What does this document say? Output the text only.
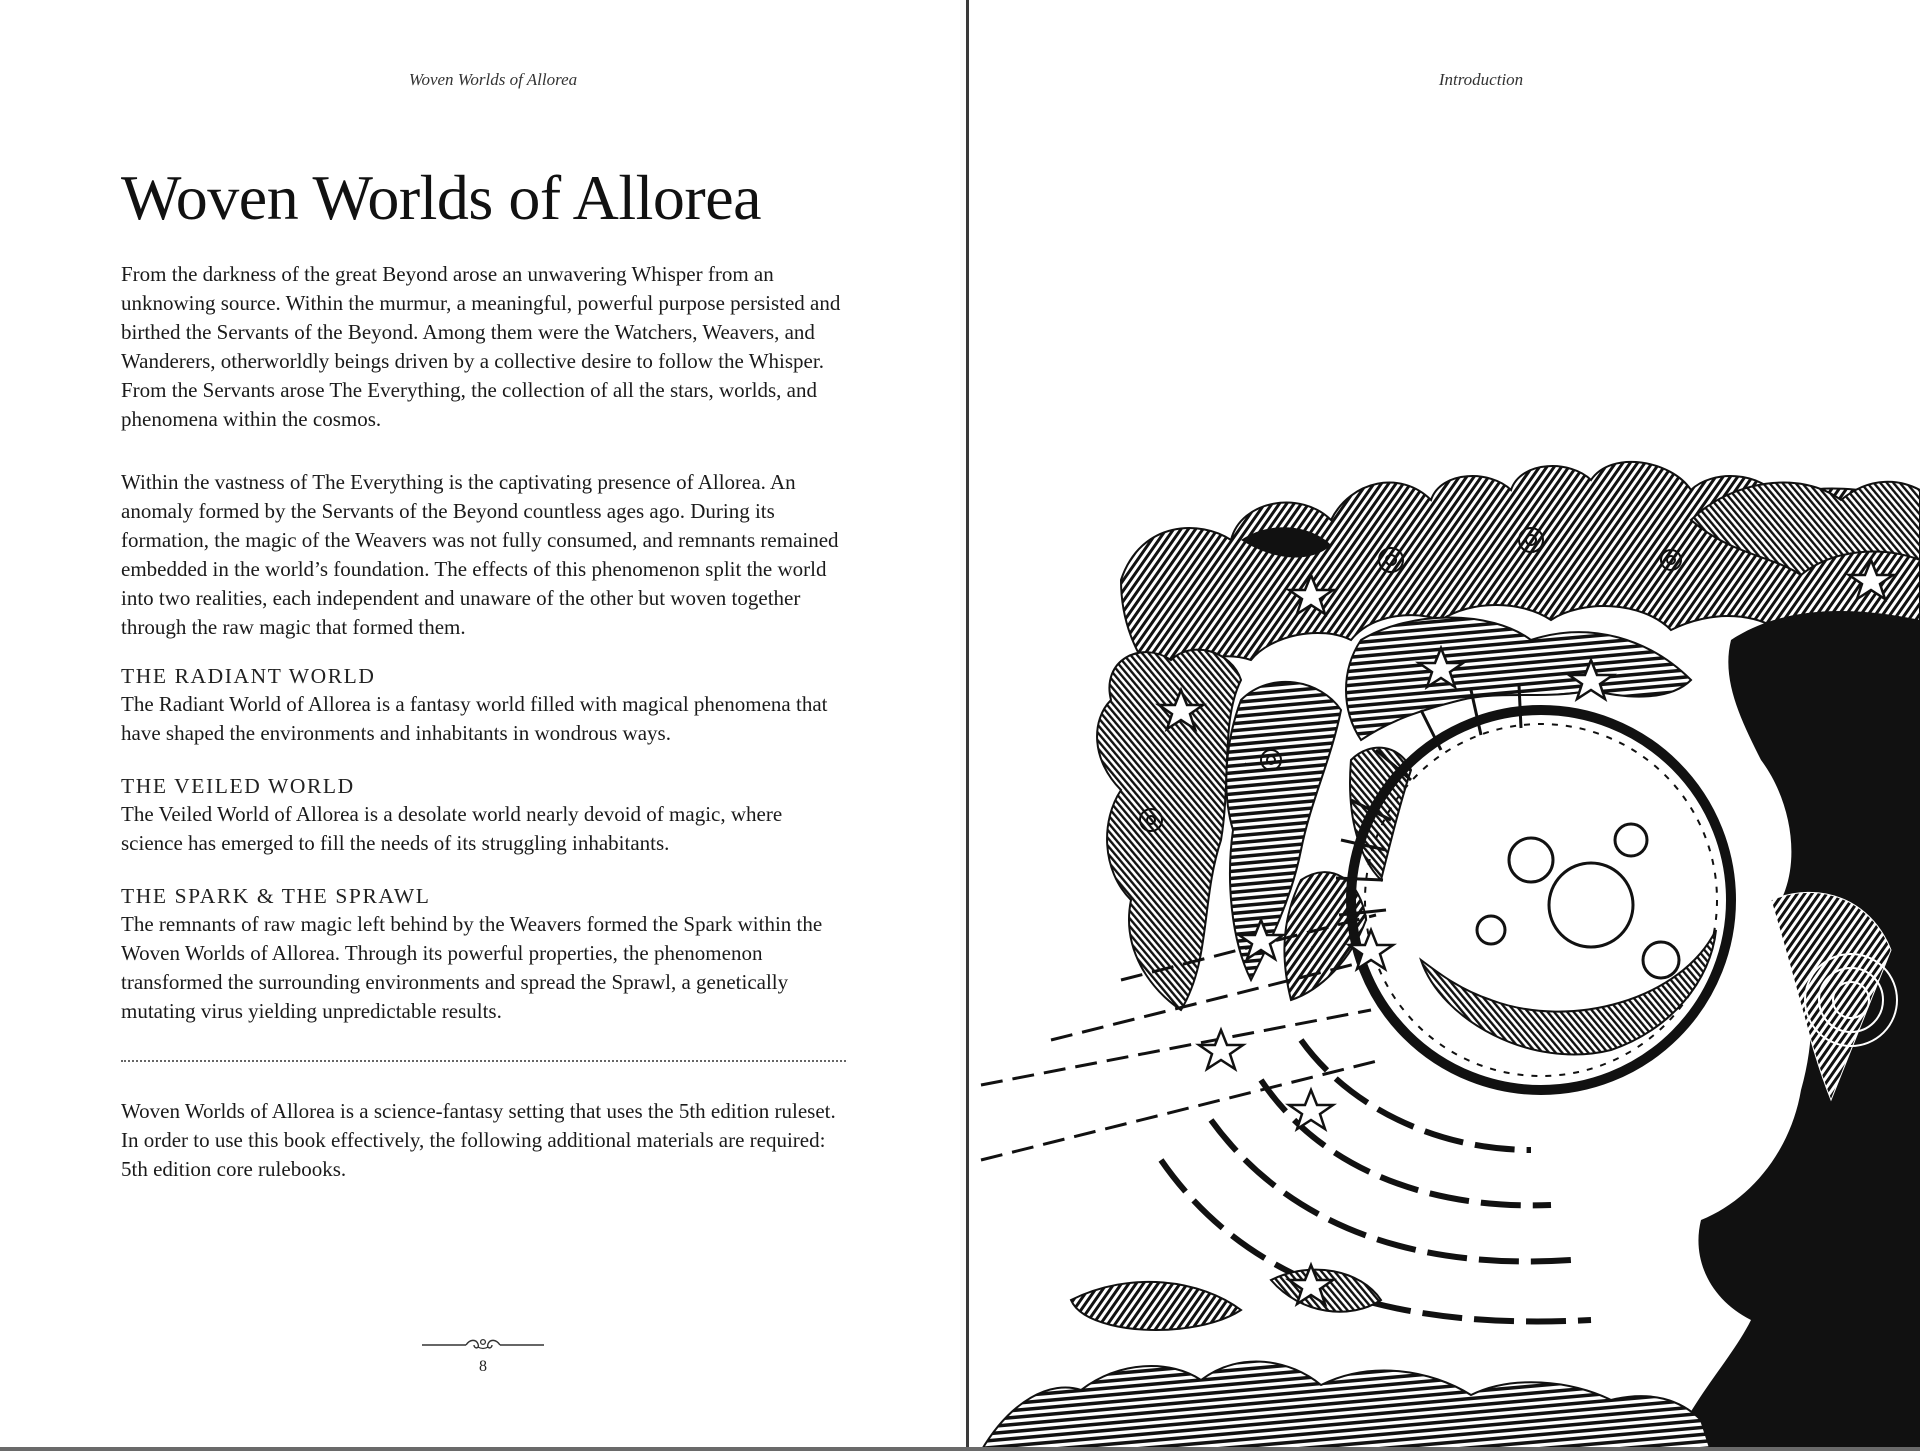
Woven Worlds of Allorea
Woven Worlds of Allorea

From the darkness of the great Beyond arose an unwavering Whisper from an unknowing source. Within the murmur, a meaningful, powerful purpose persisted and birthed the Servants of the Beyond. Among them were the Watchers, Weavers, and Wanderers, otherworldly beings driven by a collective desire to follow the Whisper. From the Servants arose The Everything, the collection of all the stars, worlds, and phenomena within the cosmos.

Within the vastness of The Everything is the captivating presence of Allorea. An anomaly formed by the Servants of the Beyond countless ages ago. During its formation, the magic of the Weavers was not fully consumed, and remnants remained embedded in the world’s foundation. The effects of this phenomenon split the world into two realities, each independent and unaware of the other but woven together through the raw magic that formed them.

THE RADIANT WORLD

The Radiant World of Allorea is a fantasy world filled with magical phenomena that have shaped the environments and inhabitants in wondrous ways.

THE VEILED WORLD

The Veiled World of Allorea is a desolate world nearly devoid of magic, where science has emerged to fill the needs of its struggling inhabitants.

THE SPARK & THE SPRAWL

The remnants of raw magic left behind by the Weavers formed the Spark within the Woven Worlds of Allorea. Through its powerful properties, the phenomenon transformed the surrounding environments and spread the Sprawl, a genetically mutating virus yielding unpredictable results.

Woven Worlds of Allorea is a science-fantasy setting that uses the 5th edition ruleset. In order to use this book effectively, the following additional materials are required: 5th edition core rulebooks.

8
Introduction
